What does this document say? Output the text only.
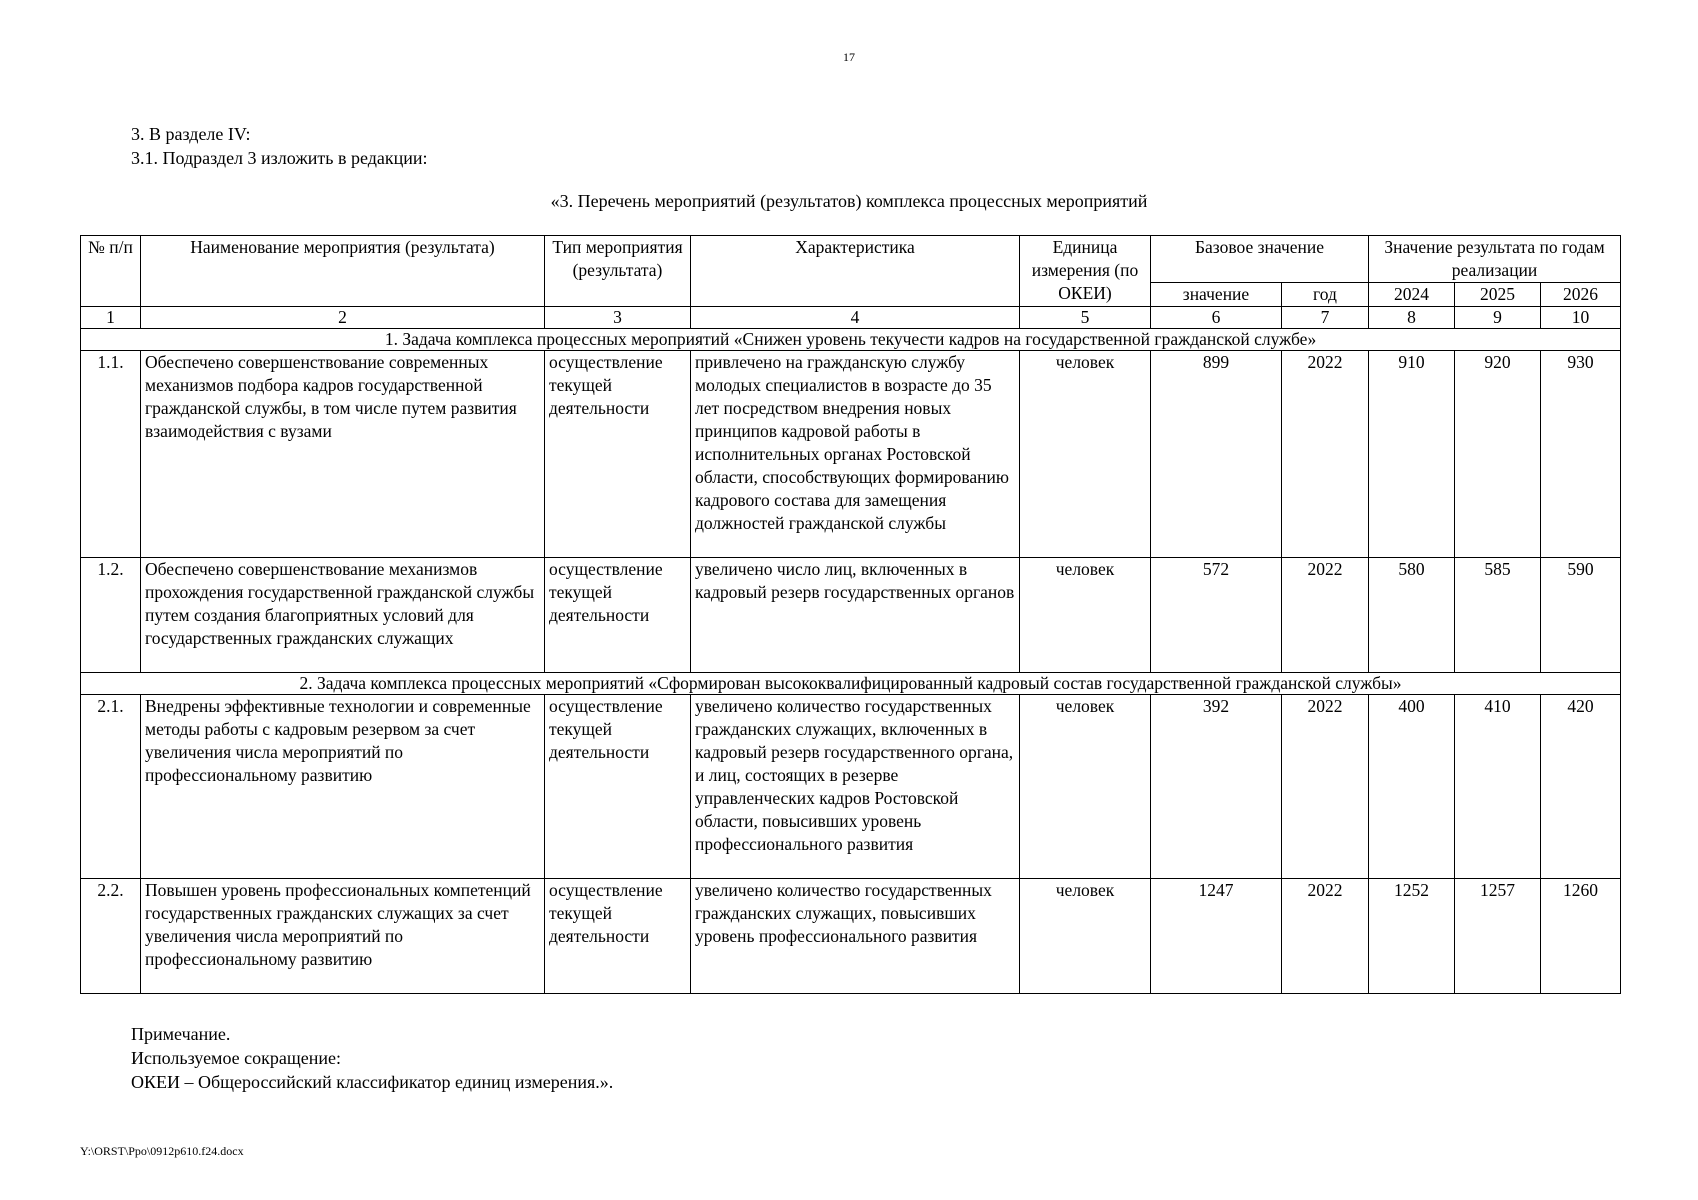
17
3. В разделе IV:
3.1. Подраздел 3 изложить в редакции:
«3. Перечень мероприятий (результатов) комплекса процессных мероприятий
№ п/п	Наименование мероприятия (результата)	Тип мероприятия (результата)	Характеристика	Единица измерения (по ОКЕИ)	Базовое значение		Значение результата по годам реализации		
					значение	год	2024	2025	2026
1	2	3	4	5	6	7	8	9	10
1. Задача комплекса процессных мероприятий «Снижен уровень текучести кадров на государственной гражданской службе»									
1.1.	Обеспечено совершенствование современных механизмов подбора кадров государственной гражданской службы, в том числе путем развития взаимодействия с вузами	осуществление текущей деятельности	привлечено на гражданскую службу молодых специалистов в возрасте до 35 лет посредством внедрения новых принципов кадровой работы в исполнительных органах Ростовской области, способствующих формированию кадрового состава для замещения должностей гражданской службы	человек	899	2022	910	920	930
1.2.	Обеспечено совершенствование механизмов прохождения государственной гражданской службы путем создания благоприятных условий для государственных гражданских служащих	осуществление текущей деятельности	увеличено число лиц, включенных в кадровый резерв государственных органов	человек	572	2022	580	585	590
2. Задача комплекса процессных мероприятий «Сформирован высококвалифицированный кадровый состав государственной гражданской службы»									
2.1.	Внедрены эффективные технологии и современные методы работы с кадровым резервом за счет увеличения числа мероприятий по профессиональному развитию	осуществление текущей деятельности	увеличено количество государственных гражданских служащих, включенных в кадровый резерв государственного органа, и лиц, состоящих в резерве управленческих кадров Ростовской области, повысивших уровень профессионального развития	человек	392	2022	400	410	420
2.2.	Повышен уровень профессиональных компетенций государственных гражданских служащих за счет увеличения числа мероприятий по профессиональному развитию	осуществление текущей деятельности	увеличено количество государственных гражданских служащих, повысивших уровень профессионального развития	человек	1247	2022	1252	1257	1260
Примечание.
Используемое сокращение:
ОКЕИ – Общероссийский классификатор единиц измерения.».
Y:\ORST\Ppo\0912p610.f24.docx
